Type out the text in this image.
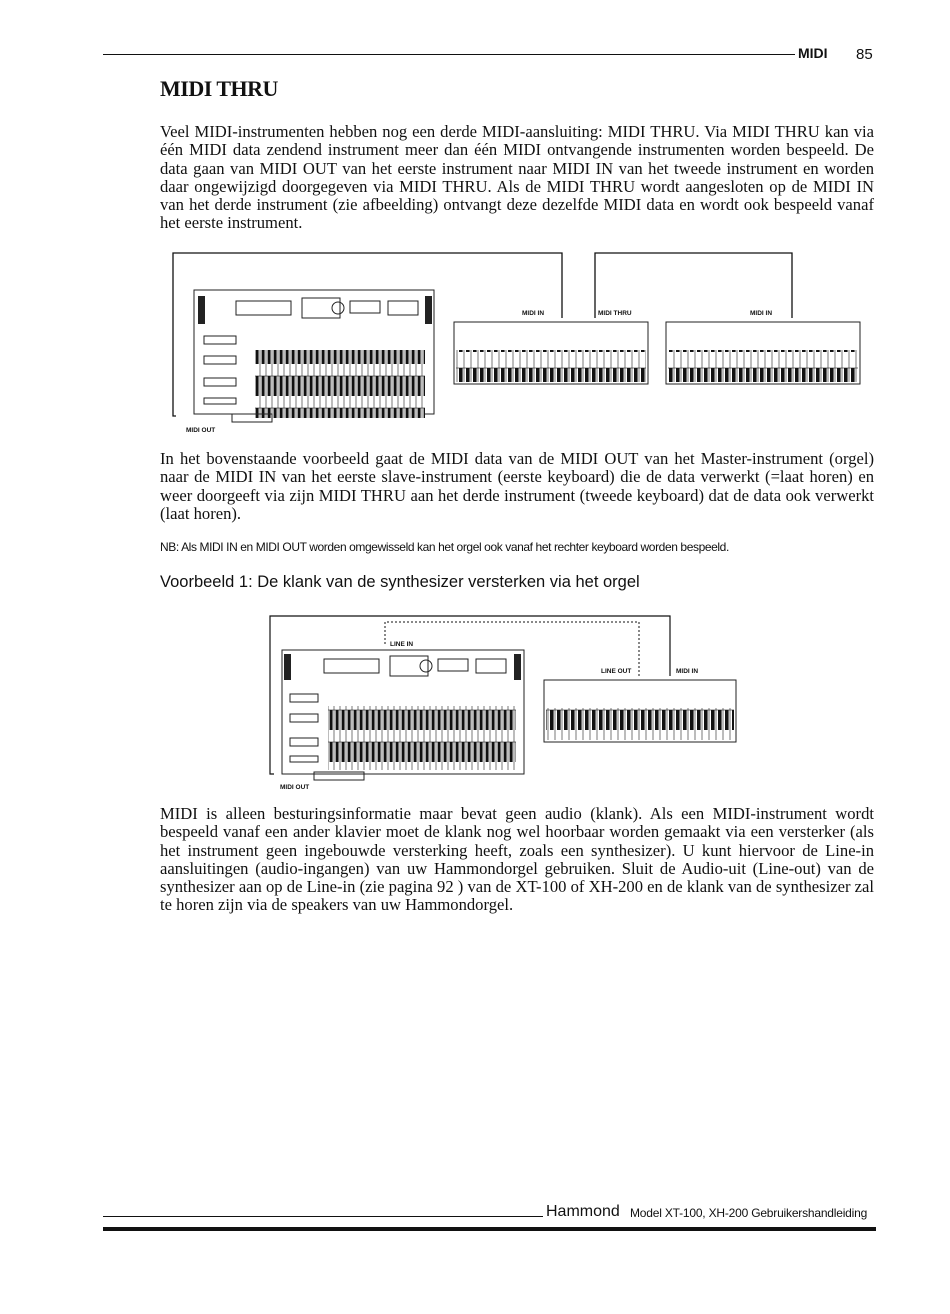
MIDI 85
MIDI THRU
Veel MIDI-instrumenten hebben nog een derde MIDI-aansluiting: MIDI THRU. Via MIDI THRU kan via één MIDI data zendend instrument meer dan één MIDI ontvangende instrumenten worden bespeeld. De data gaan van MIDI OUT van het eerste instrument naar MIDI IN van het tweede instrument en worden daar ongewijzigd doorgegeven via MIDI THRU. Als de MIDI THRU wordt aangesloten op de MIDI IN van het derde instrument (zie afbeelding) ontvangt deze dezelfde MIDI data en wordt ook bespeeld vanaf het eerste instrument.
MIDI OUT
MIDI IN	MIDI THRU	MIDI IN
In het bovenstaande voorbeeld gaat de MIDI data van de MIDI OUT van het Master-instrument (orgel) naar de MIDI IN van het eerste slave-instrument (eerste keyboard) die de data verwerkt (=laat horen) en weer doorgeeft via zijn MIDI THRU aan het derde instrument (tweede keyboard) dat de data ook verwerkt (laat horen).
NB: Als MIDI IN en MIDI OUT worden omgewisseld kan het orgel ook vanaf het rechter keyboard worden bespeeld.
Voorbeeld 1: De klank van de synthesizer versterken via het orgel
LINE IN
LINE OUT	MIDI IN
MIDI OUT
MIDI is alleen besturingsinformatie maar bevat geen audio (klank). Als een MIDI-instrument wordt bespeeld vanaf een ander klavier moet de klank nog wel hoorbaar worden gemaakt via een versterker (als het instrument geen ingebouwde versterking heeft, zoals een synthesizer). U kunt hiervoor de Line-in aansluitingen (audio-ingangen) van uw Hammondorgel gebruiken. Sluit de Audio-uit (Line-out) van de synthesizer aan op de Line-in (zie pagina 92 ) van de XT-100 of XH-200 en de klank van de synthesizer zal te horen zijn via de speakers van uw Hammondorgel.
Hammond Model XT-100, XH-200 Gebruikershandleiding
